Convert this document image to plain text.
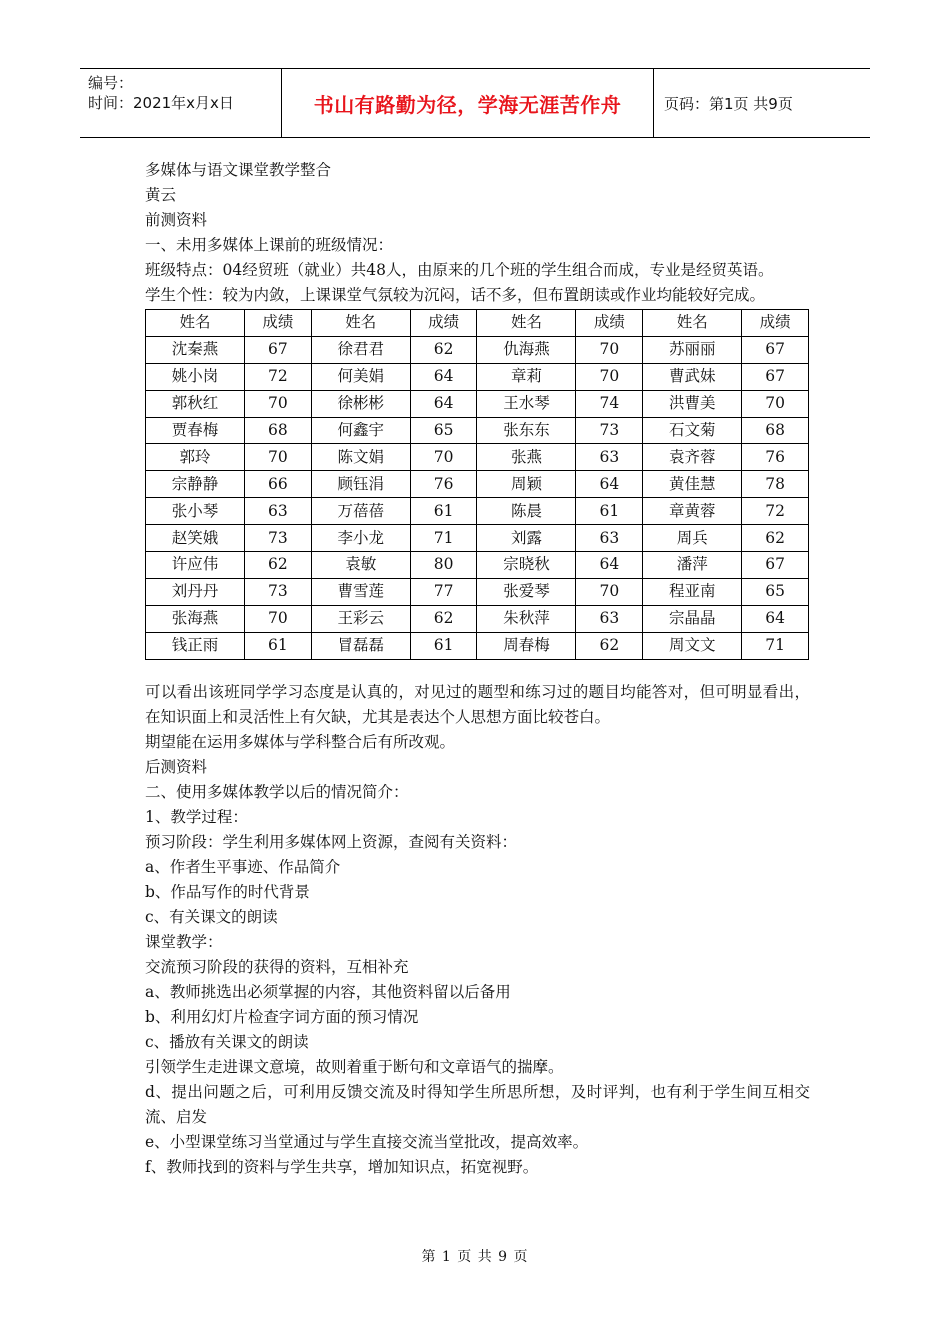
编号：
时间：2021年x月x日	书山有路勤为径，学海无涯苦作舟	页码：第1页 共9页

多媒体与语文课堂教学整合

黄云

前测资料

一、未用多媒体上课前的班级情况：

班级特点：04经贸班（就业）共48人，由原来的几个班的学生组合而成，专业是经贸英语。

学生个性：较为内敛，上课课堂气氛较为沉闷，话不多，但布置朗读或作业均能较好完成。

姓名	成绩	姓名	成绩	姓名	成绩	姓名	成绩
沈秦燕	67	徐君君	62	仇海燕	70	苏丽丽	67
姚小岗	72	何美娟	64	章莉	70	曹武妹	67
郭秋红	70	徐彬彬	64	王水琴	74	洪曹美	70
贾春梅	68	何鑫宇	65	张东东	73	石文菊	68
郭玲	70	陈文娟	70	张燕	63	袁齐蓉	76
宗静静	66	顾钰涓	76	周颖	64	黄佳慧	78
张小琴	63	万蓓蓓	61	陈晨	61	章黄蓉	72
赵笑娥	73	李小龙	71	刘露	63	周兵	62
许应伟	62	袁敏	80	宗晓秋	64	潘萍	67
刘丹丹	73	曹雪莲	77	张爱琴	70	程亚南	65
张海燕	70	王彩云	62	朱秋萍	63	宗晶晶	64
钱正雨	61	冒磊磊	61	周春梅	62	周文文	71

可以看出该班同学学习态度是认真的，对见过的题型和练习过的题目均能答对，但可明显看出，在知识面上和灵活性上有欠缺，尤其是表达个人思想方面比较苍白。

期望能在运用多媒体与学科整合后有所改观。

后测资料

二、使用多媒体教学以后的情况简介：

1、教学过程：

预习阶段：学生利用多媒体网上资源，查阅有关资料：

a、作者生平事迹、作品简介

b、作品写作的时代背景

c、有关课文的朗读

课堂教学：

交流预习阶段的获得的资料，互相补充

a、教师挑选出必须掌握的内容，其他资料留以后备用

b、利用幻灯片检查字词方面的预习情况

c、播放有关课文的朗读

引领学生走进课文意境，故则着重于断句和文章语气的揣摩。

d、提出问题之后，可利用反馈交流及时得知学生所思所想，及时评判，也有利于学生间互相交流、启发

e、小型课堂练习当堂通过与学生直接交流当堂批改，提高效率。

f、教师找到的资料与学生共享，增加知识点，拓宽视野。

第 1 页 共 9 页
